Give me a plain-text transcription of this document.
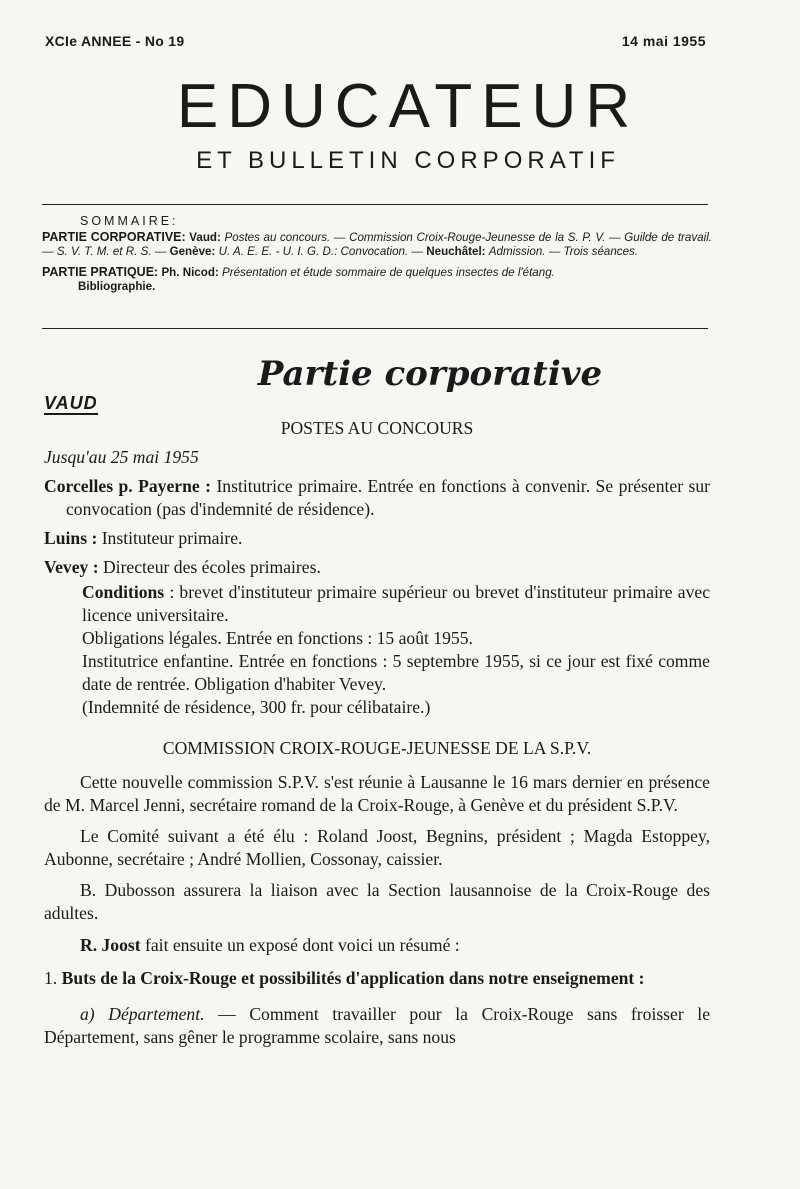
XCIe ANNEE - No 19	14 mai 1955
EDUCATEUR
ET BULLETIN CORPORATIF
SOMMAIRE:
PARTIE CORPORATIVE: Vaud: Postes au concours. — Commission Croix-Rouge-Jeunesse de la S. P. V. — Guilde de travail. — S. V. T. M. et R. S. — Genève: U. A. E. E. - U. I. G. D.: Convocation. — Neuchâtel: Admission. — Trois séances.
PARTIE PRATIQUE: Ph. Nicod: Présentation et étude sommaire de quelques insectes de l'étang.
Bibliographie.
Partie corporative
VAUD

POSTES AU CONCOURS

Jusqu'au 25 mai 1955

Corcelles p. Payerne : Institutrice primaire. Entrée en fonctions à convenir. Se présenter sur convocation (pas d'indemnité de résidence).

Luins : Instituteur primaire.

Vevey : Directeur des écoles primaires.

Conditions : brevet d'instituteur primaire supérieur ou brevet d'instituteur primaire avec licence universitaire.

Obligations légales. Entrée en fonctions : 15 août 1955.

Institutrice enfantine. Entrée en fonctions : 5 septembre 1955, si ce jour est fixé comme date de rentrée. Obligation d'habiter Vevey.

(Indemnité de résidence, 300 fr. pour célibataire.)

COMMISSION CROIX-ROUGE-JEUNESSE DE LA S.P.V.

Cette nouvelle commission S.P.V. s'est réunie à Lausanne le 16 mars dernier en présence de M. Marcel Jenni, secrétaire romand de la Croix-Rouge, à Genève et du président S.P.V.

Le Comité suivant a été élu : Roland Joost, Begnins, président ; Magda Estoppey, Aubonne, secrétaire ; André Mollien, Cossonay, caissier.

B. Dubosson assurera la liaison avec la Section lausannoise de la Croix-Rouge des adultes.

R. Joost fait ensuite un exposé dont voici un résumé :

1. Buts de la Croix-Rouge et possibilités d'application dans notre enseignement :

a) Département. — Comment travailler pour la Croix-Rouge sans froisser le Département, sans gêner le programme scolaire, sans nous
